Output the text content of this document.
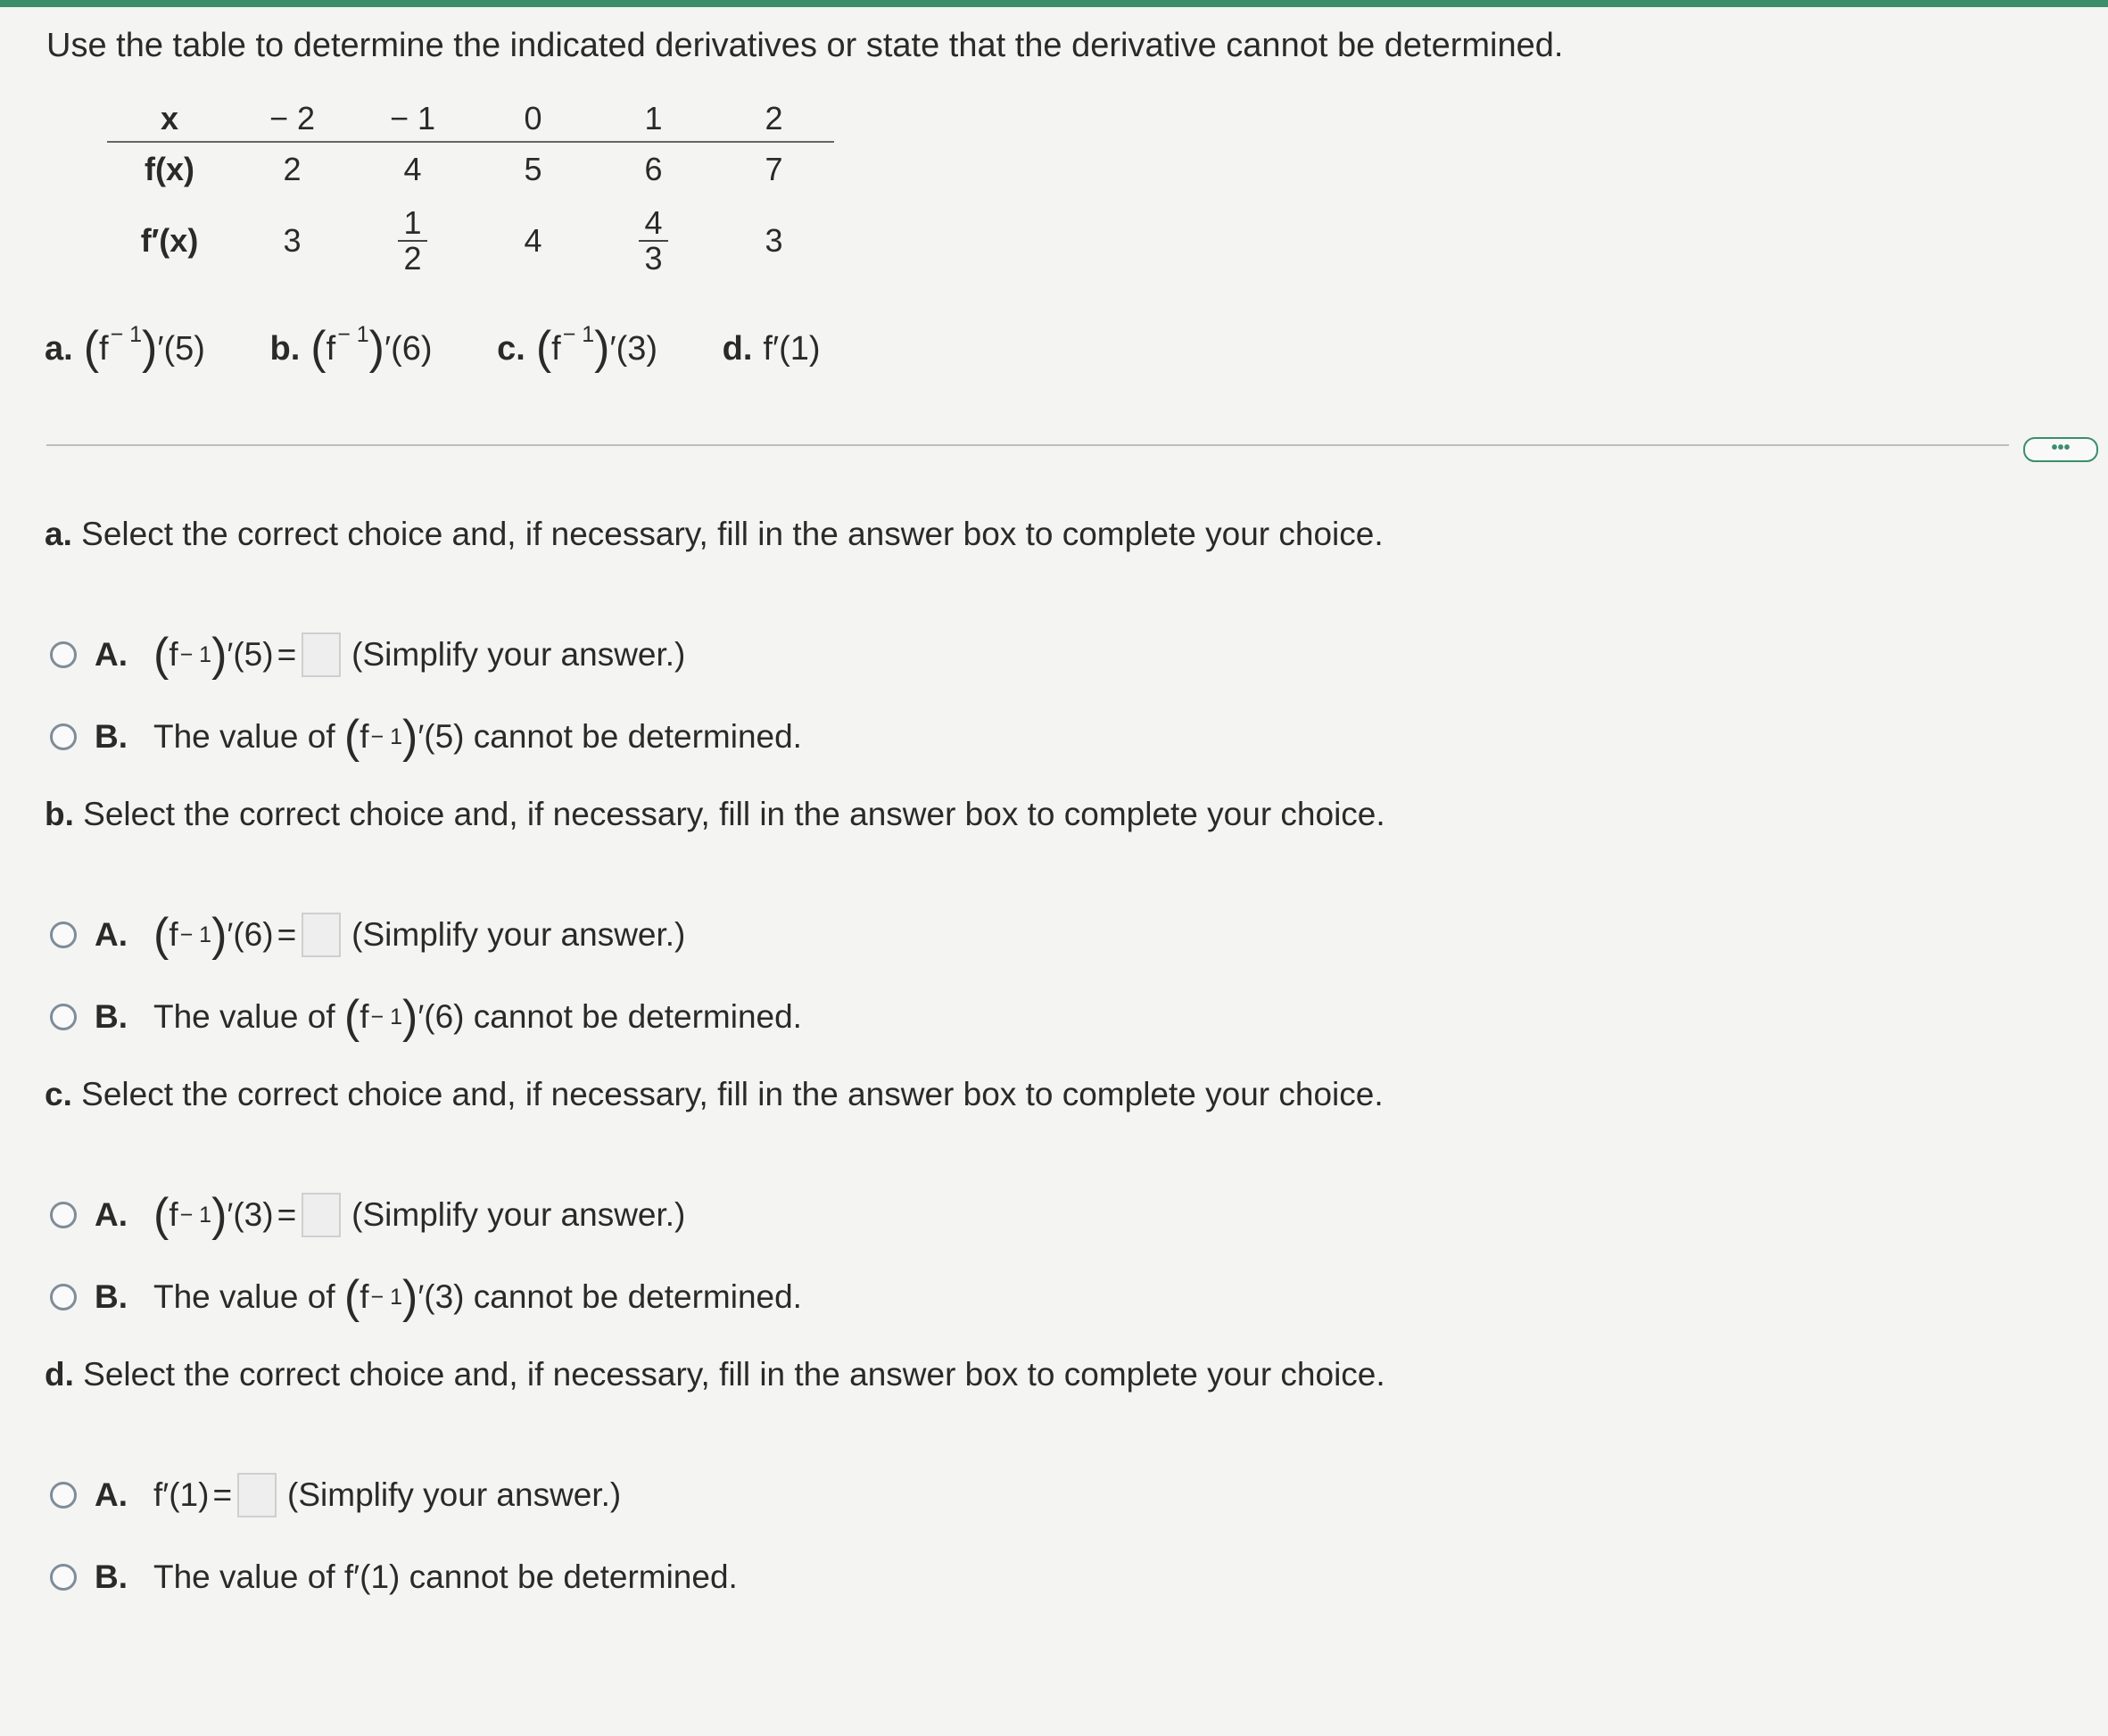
Use the table to determine the indicated derivatives or state that the derivative cannot be determined.
x	− 2	− 1	0	1	2
f(x)	2	4	5	6	7
f′(x)	3	$\frac{1}{2}$	4	$\frac{4}{3}$	3
a. $(f^{- 1})'(5)$ b. $(f^{- 1})'(6)$ c. $(f^{- 1})'(3)$ d. f′(1)
•••
a. Select the correct choice and, if necessary, fill in the answer box to complete your choice.
A. ( f − 1 ) ′(5) = (Simplify your answer.)
B. The value of
( f − 1 ) ′(5)
cannot be determined.
b. Select the correct choice and, if necessary, fill in the answer box to complete your choice.
A. ( f − 1 ) ′(6) = (Simplify your answer.)
B. The value of
( f − 1 ) ′(6)
cannot be determined.
c. Select the correct choice and, if necessary, fill in the answer box to complete your choice.
A. ( f − 1 ) ′(3) = (Simplify your answer.)
B. The value of
( f − 1 ) ′(3)
cannot be determined.
d. Select the correct choice and, if necessary, fill in the answer box to complete your choice.
A. f′(1) = (Simplify your answer.)
B. The value of f′(1) cannot be determined.
